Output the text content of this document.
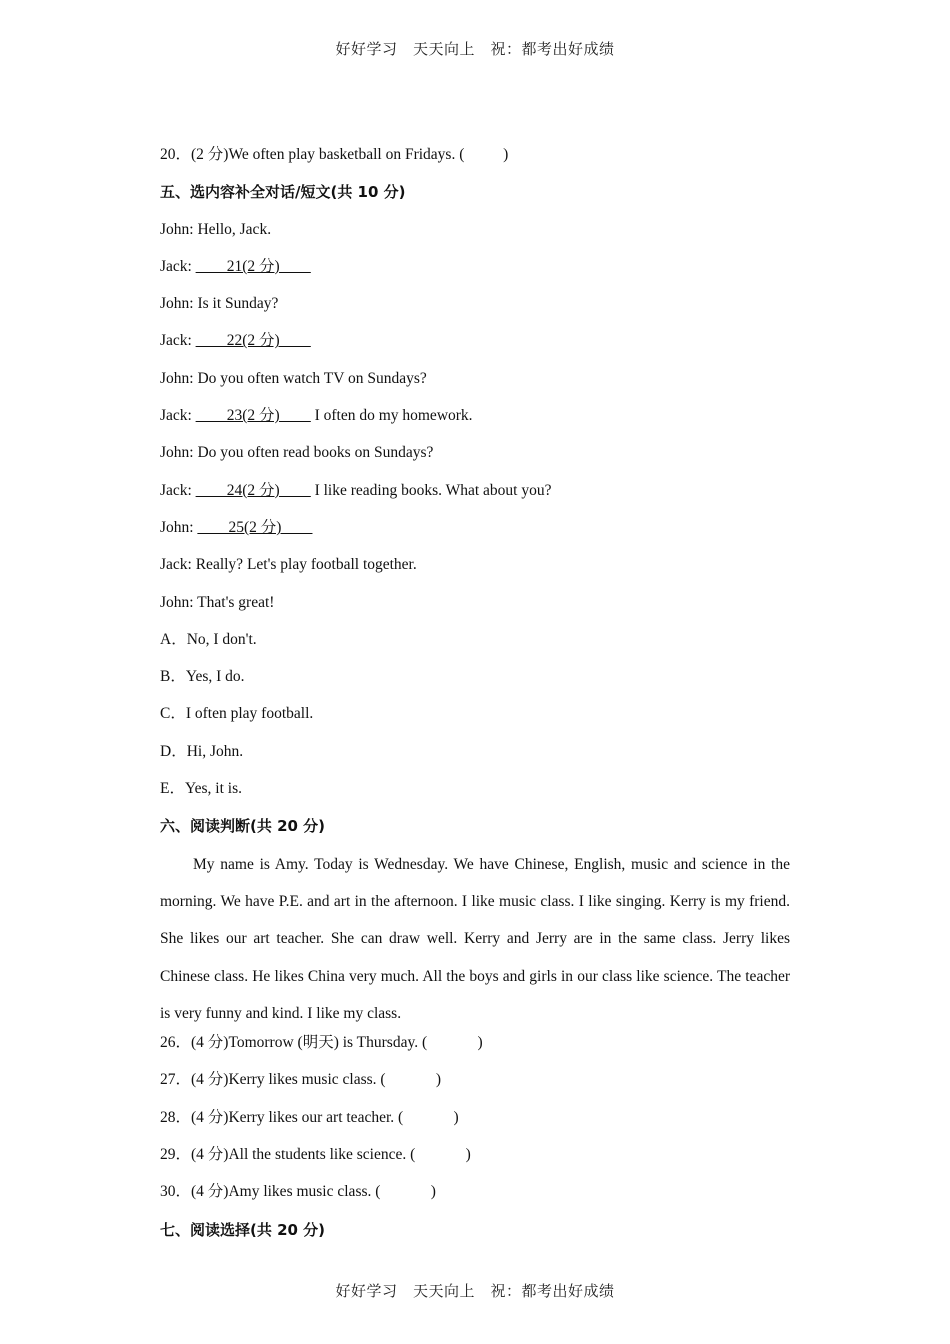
好好学习　天天向上　祝：都考出好成绩
20．(2 分)We often play basketball on Fridays. (          )
五、选内容补全对话/短文(共 10 分)
John: Hello, Jack.
Jack: ____21(2 分)____
John: Is it Sunday?
Jack: ____22(2 分)____
John: Do you often watch TV on Sundays?
Jack: ____23(2 分)____ I often do my homework.
John: Do you often read books on Sundays?
Jack: ____24(2 分)____ I like reading books. What about you?
John: ____25(2 分)____
Jack: Really? Let's play football together.
John: That's great!
A．No, I don't.
B．Yes, I do.
C．I often play football.
D．Hi, John.
E．Yes, it is.
六、阅读判断(共 20 分)

My name is Amy. Today is Wednesday. We have Chinese, English, music and science in the morning. We have P.E. and art in the afternoon. I like music class. I like singing. Kerry is my friend. She likes our art teacher. She can draw well. Kerry and Jerry are in the same class. Jerry likes Chinese class. He likes China very much. All the boys and girls in our class like science. The teacher is very funny and kind. I like my class.

26．(4 分)Tomorrow (明天) is Thursday. (             )
27．(4 分)Kerry likes music class. (             )
28．(4 分)Kerry likes our art teacher. (             )
29．(4 分)All the students like science. (             )
30．(4 分)Amy likes music class. (             )
七、阅读选择(共 20 分)
好好学习　天天向上　祝：都考出好成绩
